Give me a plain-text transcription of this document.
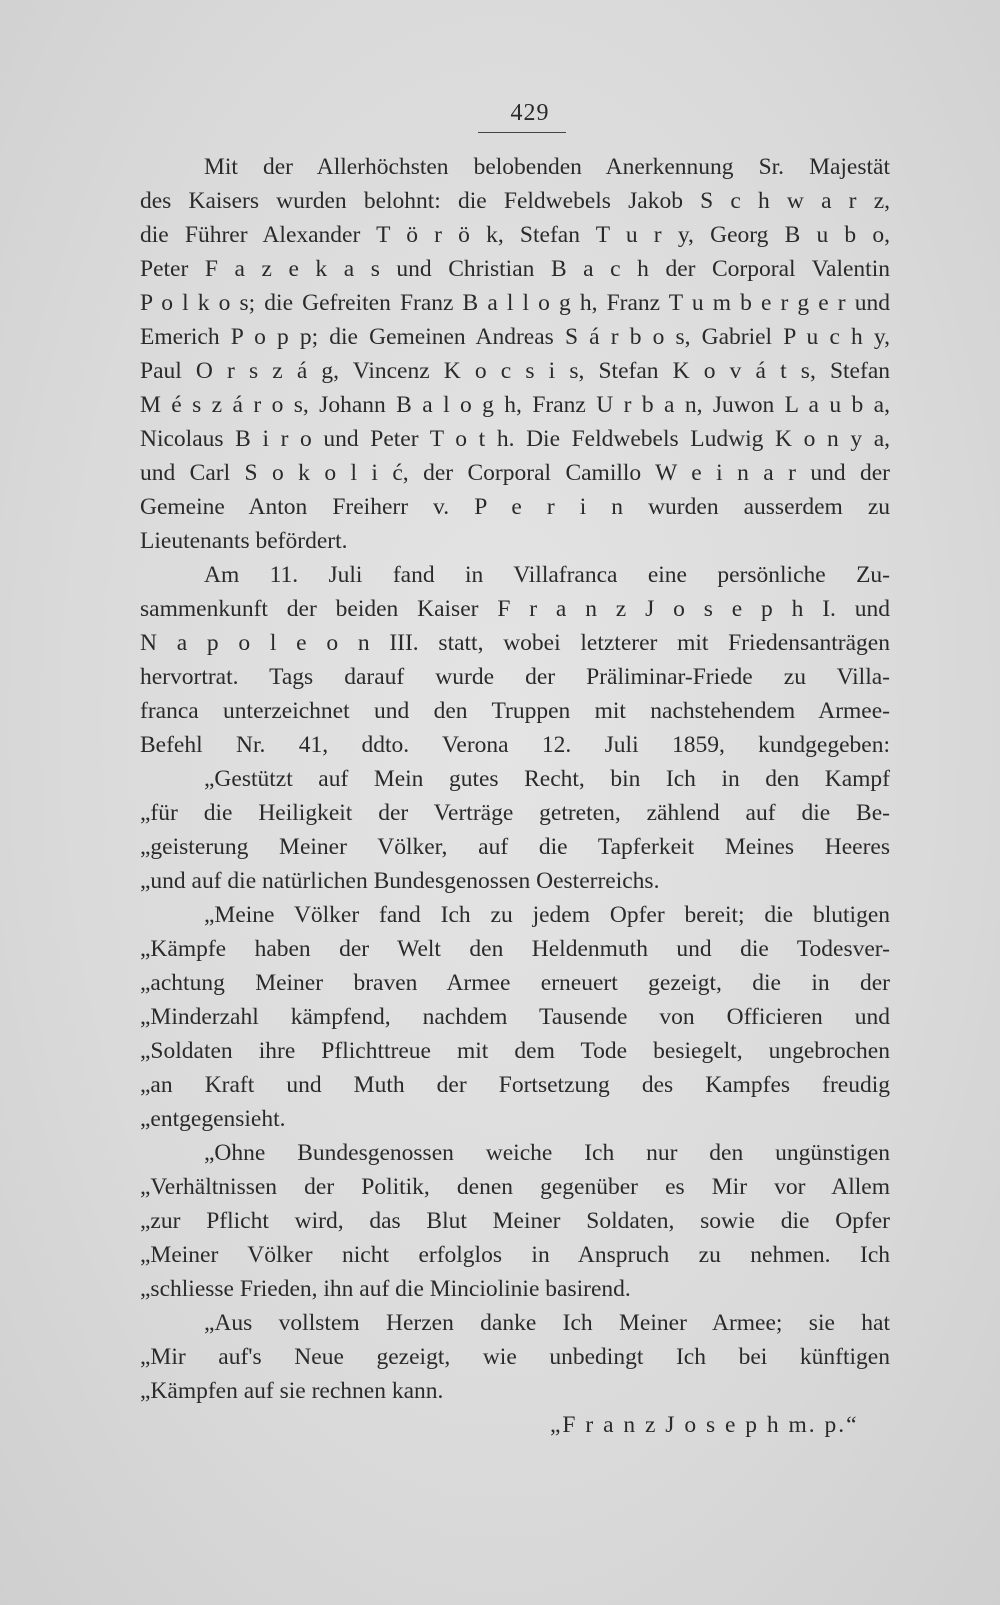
429
Mit der Allerhöchsten belobenden Anerkennung Sr. Majestät
des Kaisers wurden belohnt: die Feldwebels Jakob S c h w a r z,
die Führer Alexander T ö r ö k, Stefan T u r y, Georg B u b o,
Peter F a z e k a s und Christian B a c h der Corporal Valentin
P o l k o s; die Gefreiten Franz B a l l o g h, Franz T u m b e r g e r und
Emerich P o p p; die Gemeinen Andreas S á r b o s, Gabriel P u c h y,
Paul O r s z á g, Vincenz K o c s i s, Stefan K o v á t s, Stefan
M é s z á r o s, Johann B a l o g h, Franz U r b a n, Juwon L a u b a,
Nicolaus B i r o und Peter T o t h. Die Feldwebels Ludwig K o n y a,
und Carl S o k o l i ć, der Corporal Camillo W e i n a r und der
Gemeine Anton Freiherr v. P e r i n wurden ausserdem zu
Lieutenants befördert.
Am 11. Juli fand in Villafranca eine persönliche Zu-
sammenkunft der beiden Kaiser F r a n z J o s e p h I. und
N a p o l e o n III. statt, wobei letzterer mit Friedensanträgen
hervortrat. Tags darauf wurde der Präliminar-Friede zu Villa-
franca unterzeichnet und den Truppen mit nachstehendem Armee-
Befehl Nr. 41, ddto. Verona 12. Juli 1859, kundgegeben:
„Gestützt auf Mein gutes Recht, bin Ich in den Kampf
„für die Heiligkeit der Verträge getreten, zählend auf die Be-
„geisterung Meiner Völker, auf die Tapferkeit Meines Heeres
„und auf die natürlichen Bundesgenossen Oesterreichs.
„Meine Völker fand Ich zu jedem Opfer bereit; die blutigen
„Kämpfe haben der Welt den Heldenmuth und die Todesver-
„achtung Meiner braven Armee erneuert gezeigt, die in der
„Minderzahl kämpfend, nachdem Tausende von Officieren und
„Soldaten ihre Pflichttreue mit dem Tode besiegelt, ungebrochen
„an Kraft und Muth der Fortsetzung des Kampfes freudig
„entgegensieht.
„Ohne Bundesgenossen weiche Ich nur den ungünstigen
„Verhältnissen der Politik, denen gegenüber es Mir vor Allem
„zur Pflicht wird, das Blut Meiner Soldaten, sowie die Opfer
„Meiner Völker nicht erfolglos in Anspruch zu nehmen. Ich
„schliesse Frieden, ihn auf die Minciolinie basirend.
„Aus vollstem Herzen danke Ich Meiner Armee; sie hat
„Mir auf's Neue gezeigt, wie unbedingt Ich bei künftigen
„Kämpfen auf sie rechnen kann.
„F r a n z J o s e p h m. p.“
